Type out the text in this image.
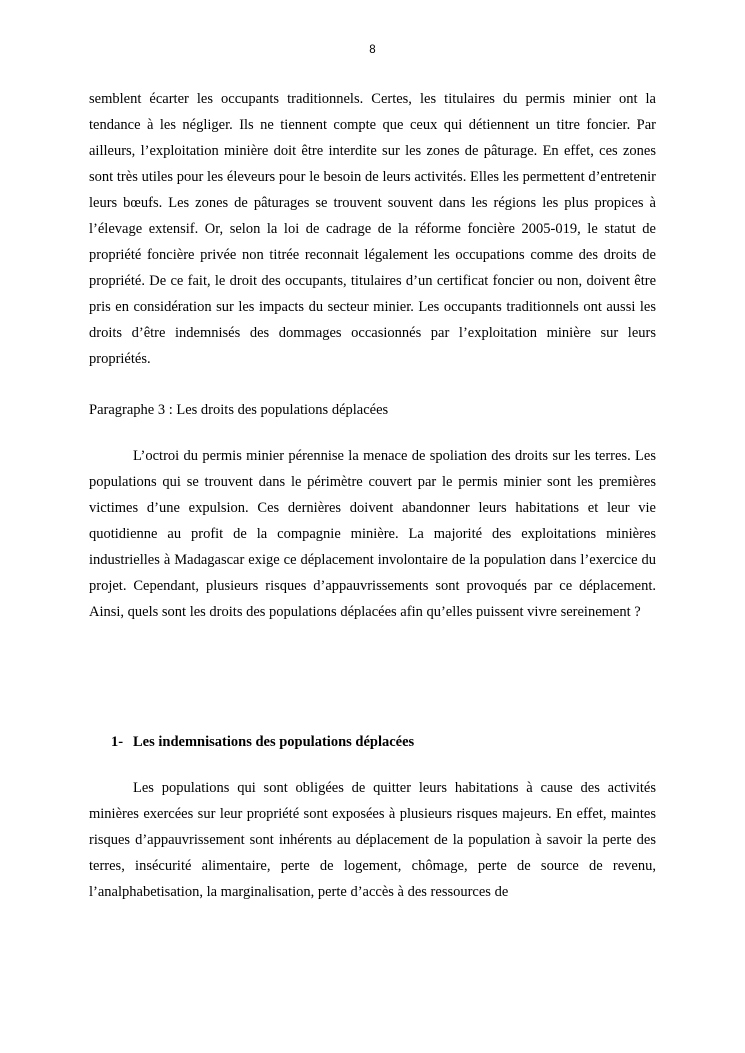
8

semblent écarter les occupants traditionnels. Certes, les titulaires du permis minier ont la tendance à les négliger. Ils ne tiennent compte que ceux qui détiennent un titre foncier. Par ailleurs, l’exploitation minière doit être interdite sur les zones de pâturage. En effet, ces zones sont très utiles pour les éleveurs pour le besoin de leurs activités. Elles les permettent d’entretenir leurs bœufs. Les zones de pâturages se trouvent souvent dans les régions les plus propices à l’élevage extensif. Or, selon la loi de cadrage de la réforme foncière 2005-019, le statut de propriété foncière privée non titrée reconnait légalement les occupations comme des droits de propriété. De ce fait, le droit des occupants, titulaires d’un certificat foncier ou non, doivent être pris en considération sur les impacts du secteur minier. Les occupants traditionnels ont aussi les droits d’être indemnisés des dommages occasionnés par l’exploitation minière sur leurs propriétés.

Paragraphe 3 : Les droits des populations déplacées

L’octroi du permis minier pérennise la menace de spoliation des droits sur les terres. Les populations qui se trouvent dans le périmètre couvert par le permis minier sont les premières victimes d’une expulsion. Ces dernières doivent abandonner leurs habitations et leur vie quotidienne au profit de la compagnie minière. La majorité des exploitations minières industrielles à Madagascar exige ce déplacement involontaire de la population dans l’exercice du projet. Cependant, plusieurs risques d’appauvrissements sont provoqués par ce déplacement. Ainsi, quels sont les droits des populations déplacées afin qu’elles puissent vivre sereinement ?

1- Les indemnisations des populations déplacées

Les populations qui sont obligées de quitter leurs habitations à cause des activités minières exercées sur leur propriété sont exposées à plusieurs risques majeurs. En effet, maintes risques d’appauvrissement sont inhérents au déplacement de la population à savoir la perte des terres, insécurité alimentaire, perte de logement, chômage, perte de source de revenu, l’analphabetisation, la marginalisation, perte d’accès à des ressources de
